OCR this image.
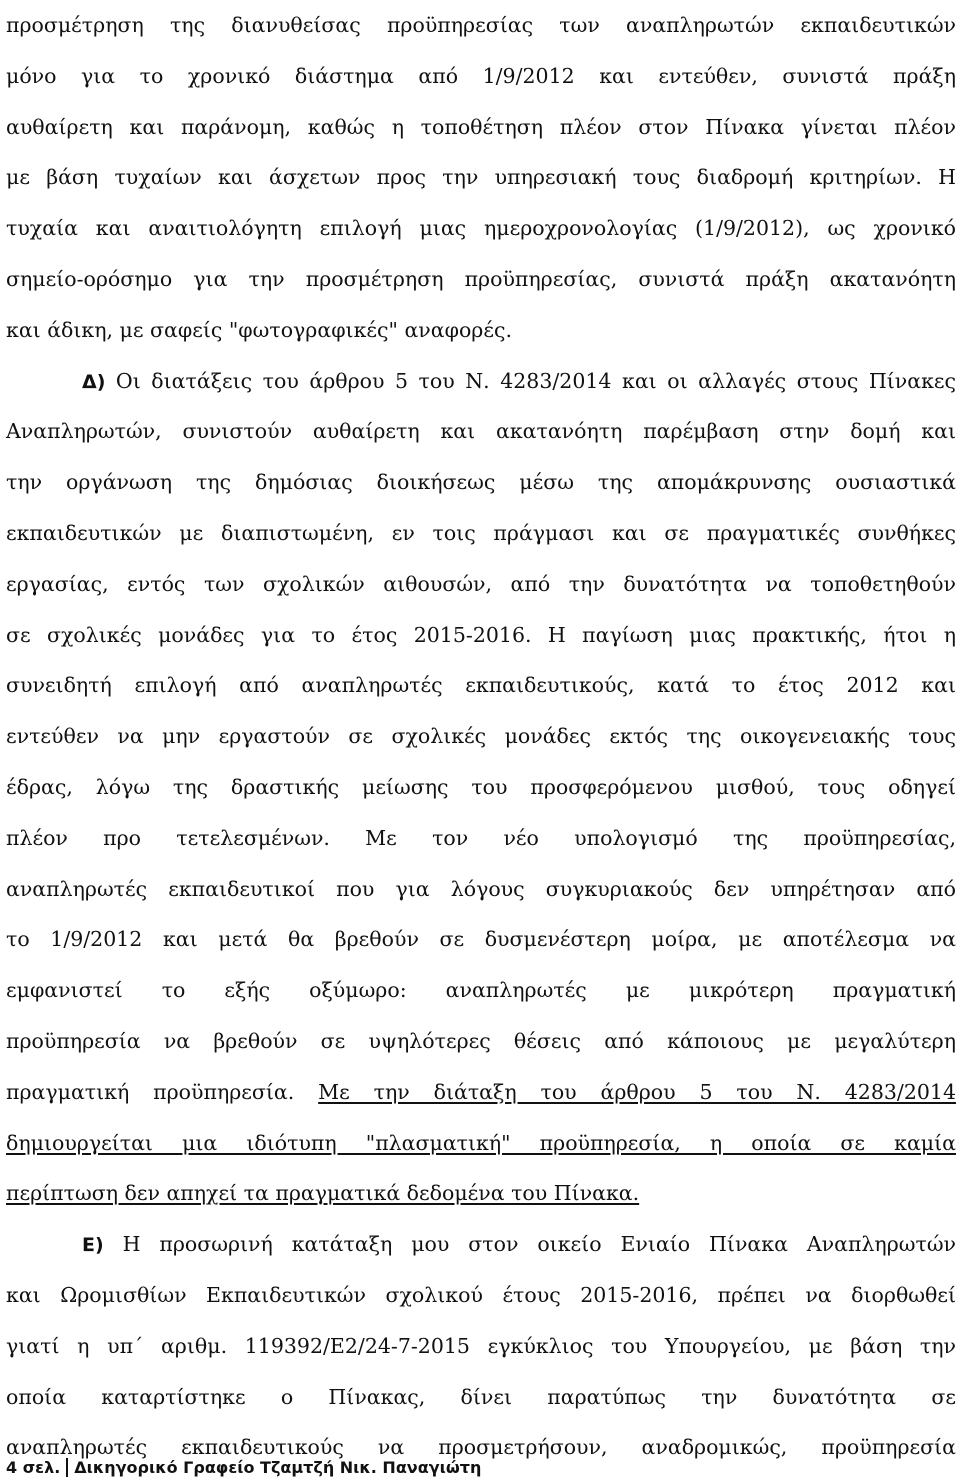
προσμέτρηση της διανυθείσας προϋπηρεσίας των αναπληρωτών εκπαιδευτικών
μόνο για το χρονικό διάστημα από 1/9/2012 και εντεύθεν, συνιστά πράξη
αυθαίρετη και παράνομη, καθώς η τοποθέτηση πλέον στον Πίνακα γίνεται πλέον
με βάση τυχαίων και άσχετων προς την υπηρεσιακή τους διαδρομή κριτηρίων. Η
τυχαία και αναιτιολόγητη επιλογή μιας ημεροχρονολογίας (1/9/2012), ως χρονικό
σημείο-ορόσημο για την προσμέτρηση προϋπηρεσίας, συνιστά πράξη ακατανόητη
και άδικη, με σαφείς "φωτογραφικές" αναφορές.
Δ) Οι διατάξεις του άρθρου 5 του Ν. 4283/2014 και οι αλλαγές στους Πίνακες
Αναπληρωτών, συνιστούν αυθαίρετη και ακατανόητη παρέμβαση στην δομή και
την οργάνωση της δημόσιας διοικήσεως μέσω της απομάκρυνσης ουσιαστικά
εκπαιδευτικών με διαπιστωμένη, εν τοις πράγμασι και σε πραγματικές συνθήκες
εργασίας, εντός των σχολικών αιθουσών, από την δυνατότητα να τοποθετηθούν
σε σχολικές μονάδες για το έτος 2015-2016. Η παγίωση μιας πρακτικής, ήτοι η
συνειδητή επιλογή από αναπληρωτές εκπαιδευτικούς, κατά το έτος 2012 και
εντεύθεν να μην εργαστούν σε σχολικές μονάδες εκτός της οικογενειακής τους
έδρας, λόγω της δραστικής μείωσης του προσφερόμενου μισθού, τους οδηγεί
πλέον προ τετελεσμένων. Με τον νέο υπολογισμό της προϋπηρεσίας,
αναπληρωτές εκπαιδευτικοί που για λόγους συγκυριακούς δεν υπηρέτησαν από
το 1/9/2012 και μετά θα βρεθούν σε δυσμενέστερη μοίρα, με αποτέλεσμα να
εμφανιστεί το εξής οξύμωρο: αναπληρωτές με μικρότερη πραγματική
προϋπηρεσία να βρεθούν σε υψηλότερες θέσεις από κάποιους με μεγαλύτερη
πραγματική προϋπηρεσία. Με την διάταξη του άρθρου 5 του Ν. 4283/2014
δημιουργείται μια ιδιότυπη "πλασματική" προϋπηρεσία, η οποία σε καμία
περίπτωση δεν απηχεί τα πραγματικά δεδομένα του Πίνακα.
Ε) Η προσωρινή κατάταξη μου στον οικείο Ενιαίο Πίνακα Αναπληρωτών
και Ωρομισθίων Εκπαιδευτικών σχολικού έτους 2015-2016, πρέπει να διορθωθεί
γιατί η υπ΄ αριθμ. 119392/Ε2/24-7-2015 εγκύκλιος του Υπουργείου, με βάση την
οποία καταρτίστηκε ο Πίνακας, δίνει παρατύπως την δυνατότητα σε
αναπληρωτές εκπαιδευτικούς να προσμετρήσουν, αναδρομικώς, προϋπηρεσία
4 σελ. Δικηγορικό Γραφείο Τζαμτζή Νικ. Παναγιώτη
